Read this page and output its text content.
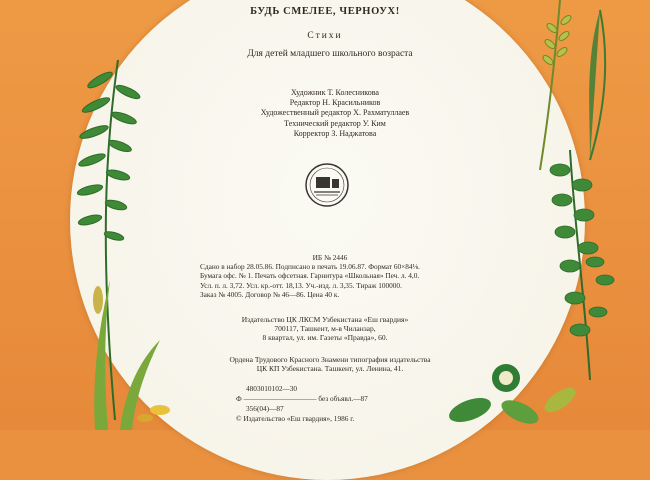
БУДЬ СМЕЛЕЕ, ЧЕРНОУХ!
Стихи
Для детей младшего школьного возраста
Художник Т. Колесникова
Редактор Н. Красильников
Художественный редактор Х. Рахматуллаев
Технический редактор У. Ким
Корректор З. Наджатова
ИБ № 2446
Сдано в набор 28.05.86. Подписано в печать 19.06.87. Формат 60×84⅛.
Бумага офс. № 1. Печать офсетная. Гарнитура «Школьная» Печ. л. 4,0.
Усл. п. л. 3,72. Усл. кр.-отт. 18,13. Уч.-изд. л. 3,35. Тираж 100000.
Заказ № 4005. Договор № 46—86. Цена 40 к.
Издательство ЦК ЛКСМ Узбекистана «Еш гвардия»
700117, Ташкент, м-в Чиланзар,
8 квартал, ул. им. Газеты «Правда», 60.
Ордена Трудового Красного Знамени типография издательства
ЦК КП Узбекистана. Ташкент, ул. Ленина, 41.
4803010102—30
Ф —————————— без объявл.—87
356(04)—87
© Издательство «Еш гвардия», 1986 г.
